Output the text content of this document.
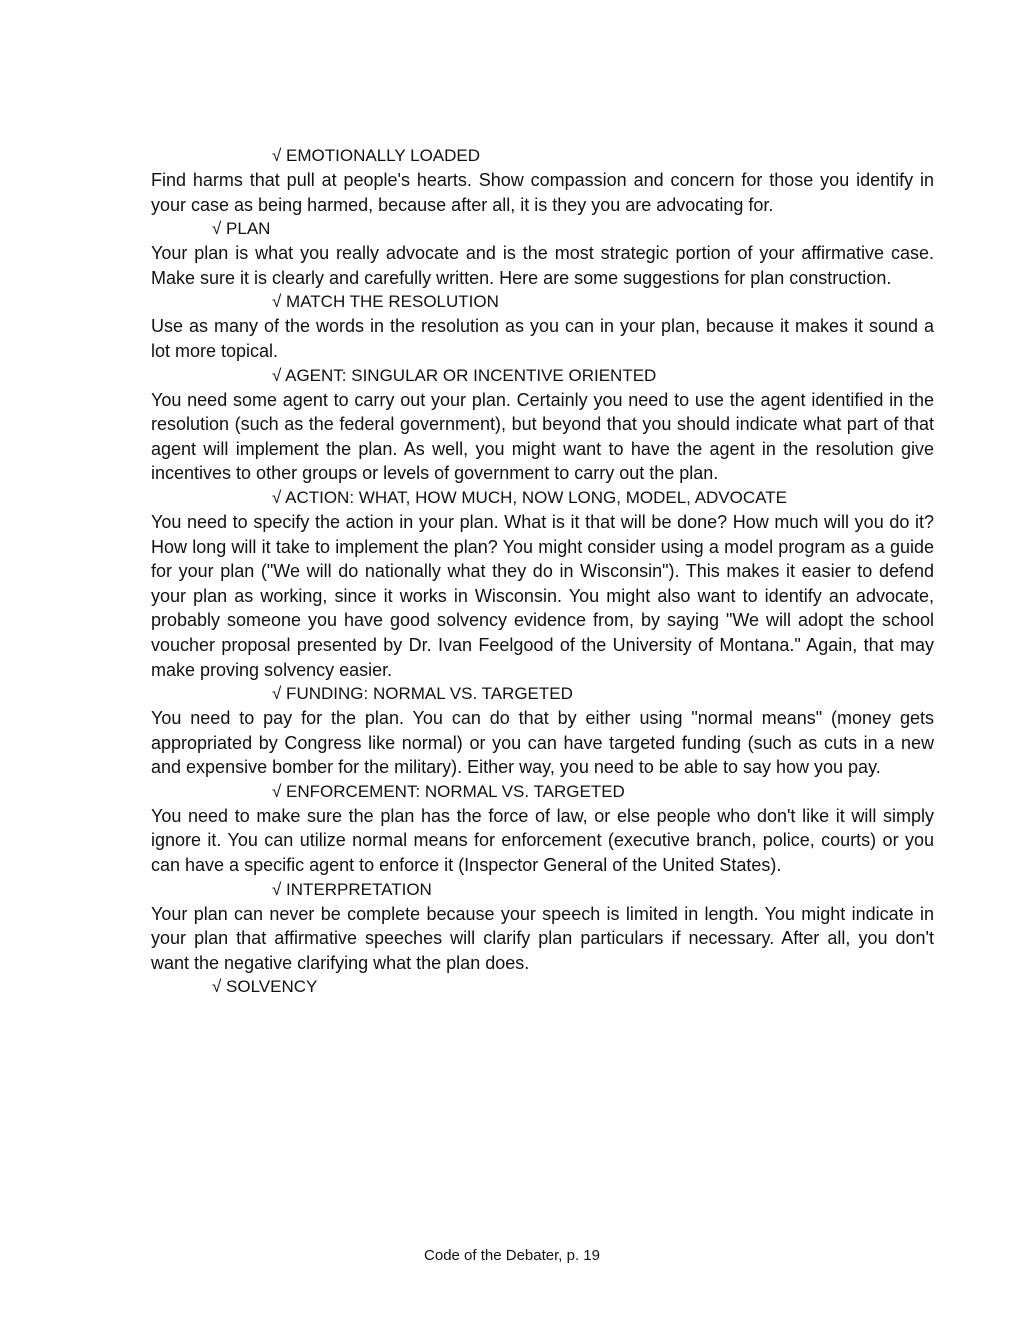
√ EMOTIONALLY LOADED

Find harms that pull at people's hearts. Show compassion and concern for those you identify in your case as being harmed, because after all, it is they you are advocating for.

√ PLAN

Your plan is what you really advocate and is the most strategic portion of your affirmative case. Make sure it is clearly and carefully written. Here are some suggestions for plan construction.

√ MATCH THE RESOLUTION

Use as many of the words in the resolution as you can in your plan, because it makes it sound a lot more topical.

√ AGENT: SINGULAR OR INCENTIVE ORIENTED

You need some agent to carry out your plan. Certainly you need to use the agent identified in the resolution (such as the federal government), but beyond that you should indicate what part of that agent will implement the plan. As well, you might want to have the agent in the resolution give incentives to other groups or levels of government to carry out the plan.

√ ACTION: WHAT, HOW MUCH, NOW LONG, MODEL, ADVOCATE

You need to specify the action in your plan. What is it that will be done? How much will you do it? How long will it take to implement the plan? You might consider using a model program as a guide for your plan ("We will do nationally what they do in Wisconsin"). This makes it easier to defend your plan as working, since it works in Wisconsin. You might also want to identify an advocate, probably someone you have good solvency evidence from, by saying "We will adopt the school voucher proposal presented by Dr. Ivan Feelgood of the University of Montana." Again, that may make proving solvency easier.

√ FUNDING: NORMAL VS. TARGETED

You need to pay for the plan. You can do that by either using "normal means" (money gets appropriated by Congress like normal) or you can have targeted funding (such as cuts in a new and expensive bomber for the military). Either way, you need to be able to say how you pay.

√ ENFORCEMENT: NORMAL VS. TARGETED

You need to make sure the plan has the force of law, or else people who don't like it will simply ignore it. You can utilize normal means for enforcement (executive branch, police, courts) or you can have a specific agent to enforce it (Inspector General of the United States).

√ INTERPRETATION

Your plan can never be complete because your speech is limited in length. You might indicate in your plan that affirmative speeches will clarify plan particulars if necessary. After all, you don't want the negative clarifying what the plan does.

√ SOLVENCY
Code of the Debater, p. 19
